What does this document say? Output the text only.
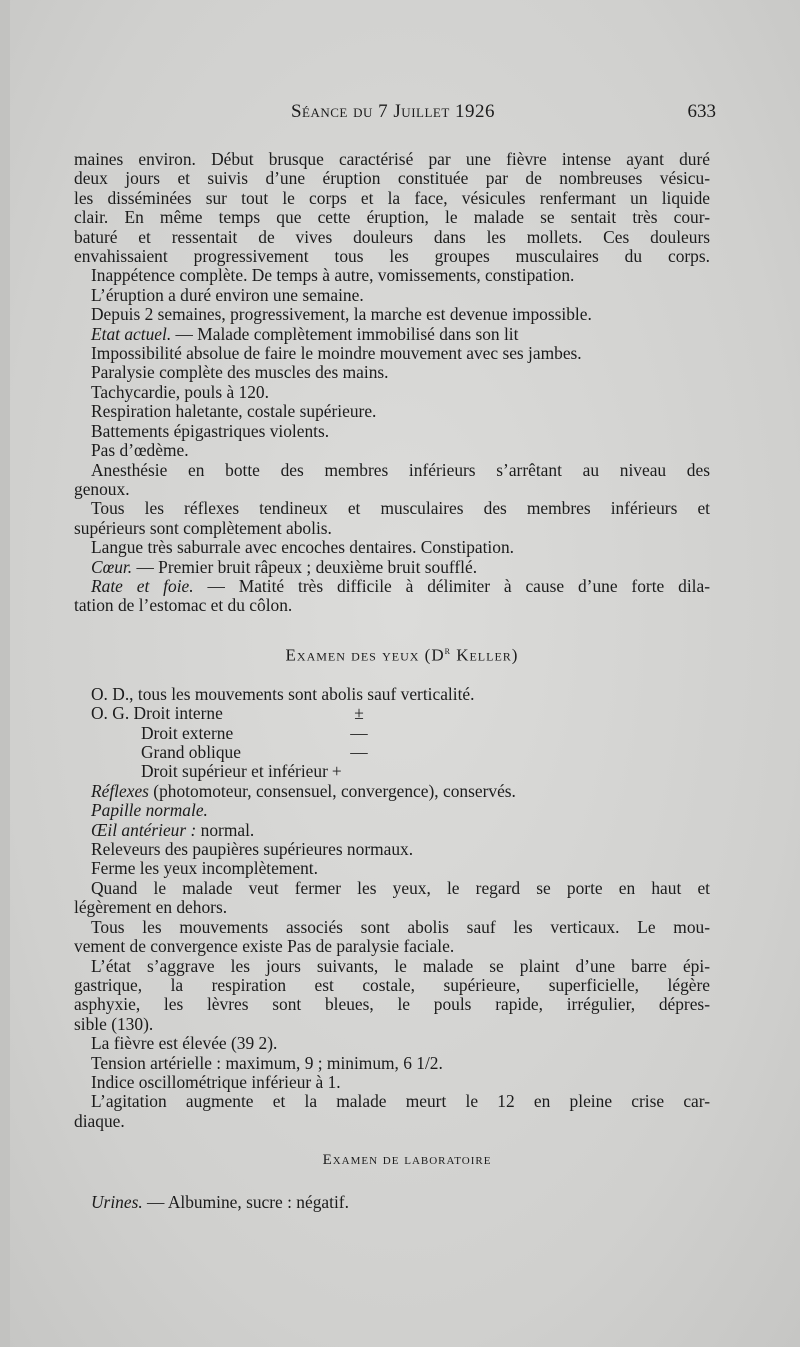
Séance du 7 Juillet 1926	633
maines environ. Début brusque caractérisé par une fièvre intense ayant duré
deux jours et suivis d’une éruption constituée par de nombreuses vésicu-
les disséminées sur tout le corps et la face, vésicules renfermant un liquide
clair. En même temps que cette éruption, le malade se sentait très cour-
baturé et ressentait de vives douleurs dans les mollets. Ces douleurs
envahissaient progressivement tous les groupes musculaires du corps.
Inappétence complète. De temps à autre, vomissements, constipation.
L’éruption a duré environ une semaine.
Depuis 2 semaines, progressivement, la marche est devenue impossible.
Etat actuel. — Malade complètement immobilisé dans son lit
Impossibilité absolue de faire le moindre mouvement avec ses jambes.
Paralysie complète des muscles des mains.
Tachycardie, pouls à 120.
Respiration haletante, costale supérieure.
Battements épigastriques violents.
Pas d’œdème.
Anesthésie en botte des membres inférieurs s’arrêtant au niveau des
genoux.
Tous les réflexes tendineux et musculaires des membres inférieurs et
supérieurs sont complètement abolis.
Langue très saburrale avec encoches dentaires. Constipation.
Cœur. — Premier bruit râpeux ; deuxième bruit soufflé.
Rate et foie. — Matité très difficile à délimiter à cause d’une forte dila-
tation de l’estomac et du côlon.
Examen des yeux ($D^r$ Keller)
O. D., tous les mouvements sont abolis sauf verticalité.
O. G. Droit interne	±
Droit externe	—
Grand oblique	—
Droit supérieur et inférieur +
Réflexes (photomoteur, consensuel, convergence), conservés.
Papille normale.
Œil antérieur : normal.
Releveurs des paupières supérieures normaux.
Ferme les yeux incomplètement.
Quand le malade veut fermer les yeux, le regard se porte en haut et
légèrement en dehors.
Tous les mouvements associés sont abolis sauf les verticaux. Le mou-
vement de convergence existe Pas de paralysie faciale.
L’état s’aggrave les jours suivants, le malade se plaint d’une barre épi-
gastrique, la respiration est costale, supérieure, superficielle, légère
asphyxie, les lèvres sont bleues, le pouls rapide, irrégulier, dépres-
sible (130).
La fièvre est élevée (39 2).
Tension artérielle : maximum, 9 ; minimum, 6 1/2.
Indice oscillométrique inférieur à 1.
L’agitation augmente et la malade meurt le 12 en pleine crise car-
diaque.
Examen de laboratoire
Urines. — Albumine, sucre : négatif.
